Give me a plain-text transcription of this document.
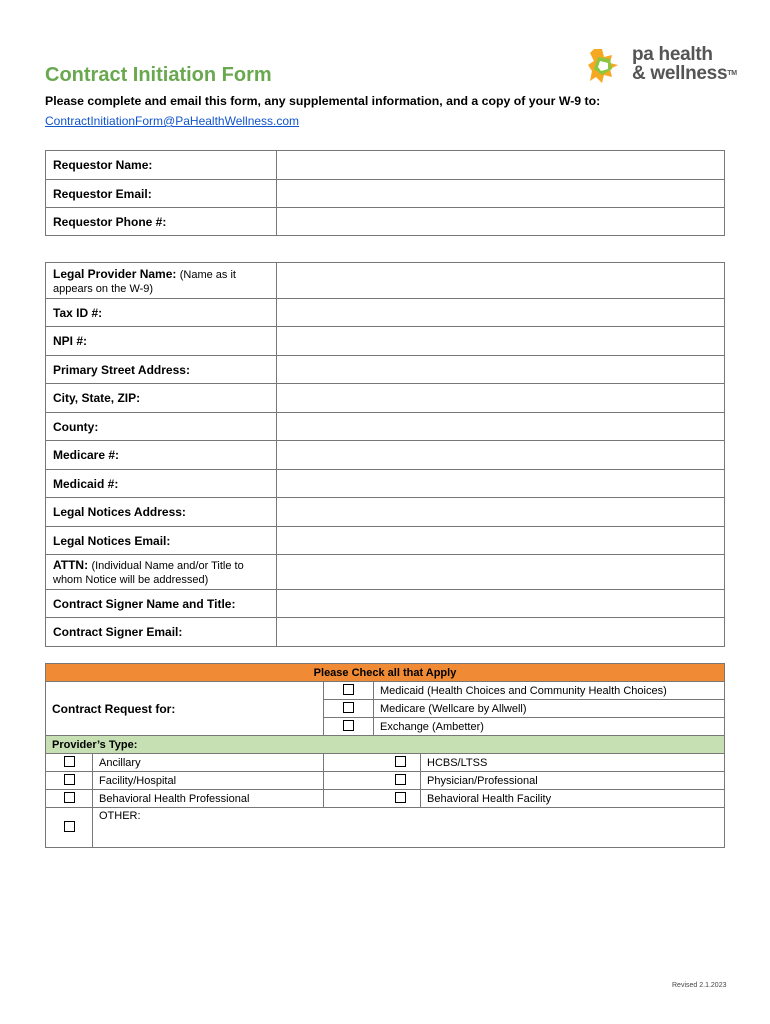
Contract Initiation Form
pa health
& wellnessTM
Please complete and email this form, any supplemental information, and a copy of your W-9 to:
ContractInitiationForm@PaHealthWellness.com
Requestor Name:	
Requestor Email:	
Requestor Phone #:	
Legal Provider Name: (Name as it appears on the W-9)	
Tax ID #:	
NPI #:	
Primary Street Address:	
City, State, ZIP:	
County:	
Medicare #:	
Medicaid #:	
Legal Notices Address:	
Legal Notices Email:	
ATTN: (Individual Name and/or Title to whom Notice will be addressed)	
Contract Signer Name and Title:	
Contract Signer Email:	
Please Check all that Apply				
Contract Request for:			Medicaid (Health Choices and Community Health Choices)	
			Medicare (Wellcare by Allwell)	
			Exchange (Ambetter)	
Provider’s Type:				
	Ancillary			HCBS/LTSS
	Facility/Hospital			Physician/Professional
	Behavioral Health Professional			Behavioral Health Facility
	OTHER:			
Revised 2.1.2023
